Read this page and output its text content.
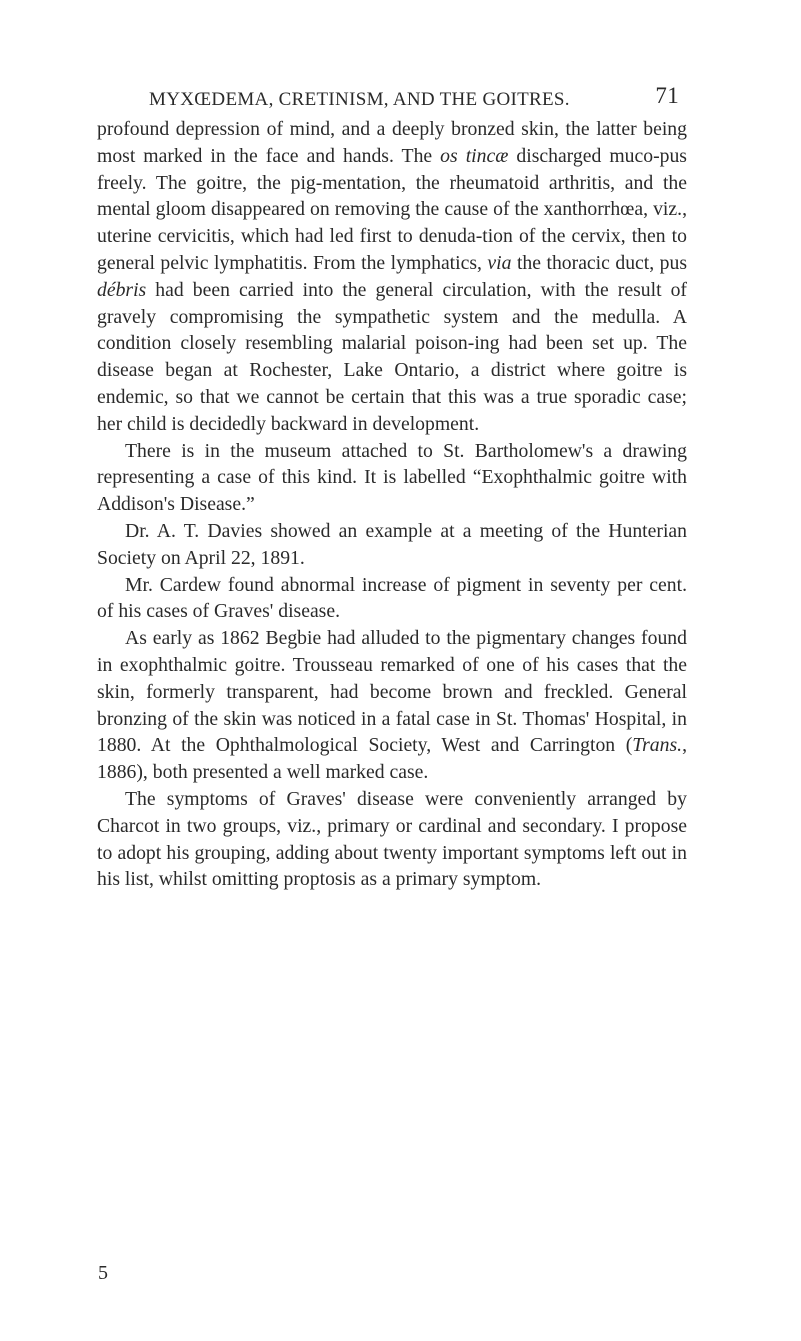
MYXŒDEMA, CRETINISM, AND THE GOITRES.	71

profound depression of mind, and a deeply bronzed skin, the latter being most marked in the face and hands. The os tincæ discharged muco-pus freely. The goitre, the pig-mentation, the rheumatoid arthritis, and the mental gloom disappeared on removing the cause of the xanthorrhœa, viz., uterine cervicitis, which had led first to denuda-tion of the cervix, then to general pelvic lymphatitis. From the lymphatics, via the thoracic duct, pus débris had been carried into the general circulation, with the result of gravely compromising the sympathetic system and the medulla. A condition closely resembling malarial poison-ing had been set up. The disease began at Rochester, Lake Ontario, a district where goitre is endemic, so that we cannot be certain that this was a true sporadic case; her child is decidedly backward in development.

There is in the museum attached to St. Bartholomew's a drawing representing a case of this kind. It is labelled “Exophthalmic goitre with Addison's Disease.”

Dr. A. T. Davies showed an example at a meeting of the Hunterian Society on April 22, 1891.

Mr. Cardew found abnormal increase of pigment in seventy per cent. of his cases of Graves' disease.

As early as 1862 Begbie had alluded to the pigmentary changes found in exophthalmic goitre. Trousseau remarked of one of his cases that the skin, formerly transparent, had become brown and freckled. General bronzing of the skin was noticed in a fatal case in St. Thomas' Hospital, in 1880. At the Ophthalmological Society, West and Carrington (Trans., 1886), both presented a well marked case.

The symptoms of Graves' disease were conveniently arranged by Charcot in two groups, viz., primary or cardinal and secondary. I propose to adopt his grouping, adding about twenty important symptoms left out in his list, whilst omitting proptosis as a primary symptom.

5
